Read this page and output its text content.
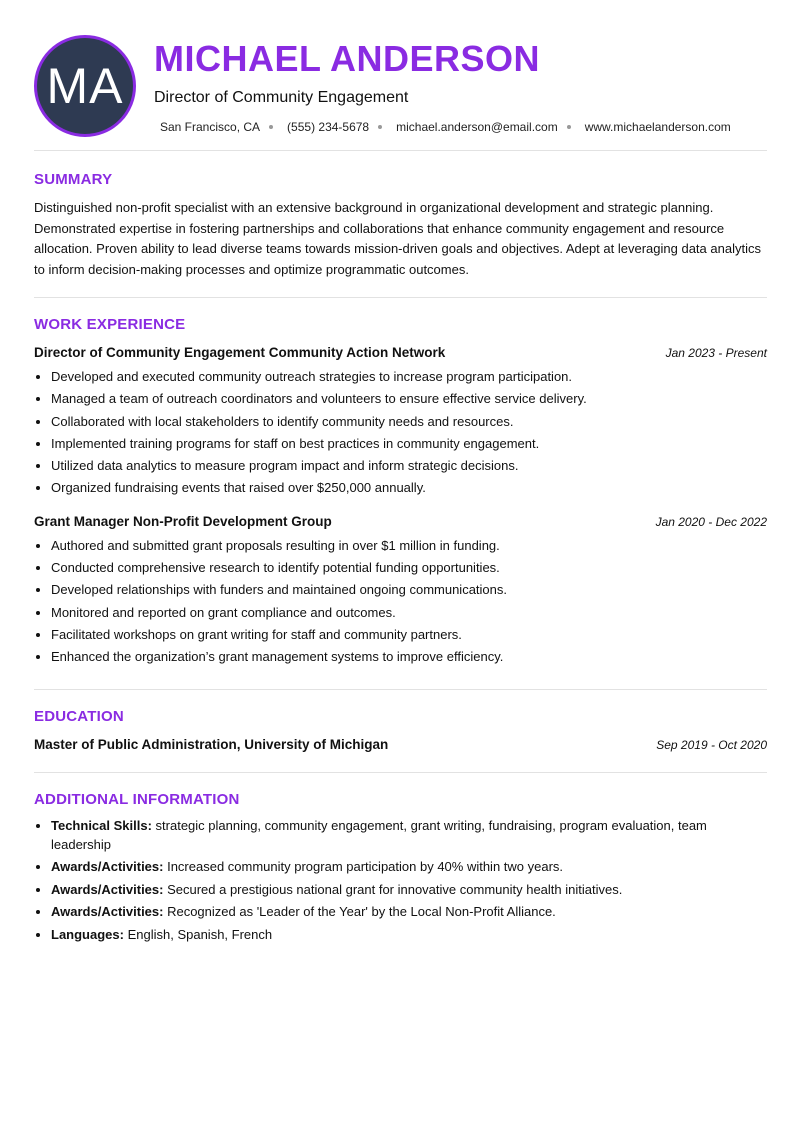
MA MICHAEL ANDERSON
Director of Community Engagement
San Francisco, CA (555) 234-5678 michael.anderson@email.com www.michaelanderson.com
SUMMARY

Distinguished non-profit specialist with an extensive background in organizational development and strategic planning. Demonstrated expertise in fostering partnerships and collaborations that enhance community engagement and resource allocation. Proven ability to lead diverse teams towards mission-driven goals and objectives. Adept at leveraging data analytics to inform decision-making processes and optimize programmatic outcomes.

WORK EXPERIENCE
Director of Community Engagement Community Action Network	Jan 2023 - Present
• Developed and executed community outreach strategies to increase program participation.
• Managed a team of outreach coordinators and volunteers to ensure effective service delivery.
• Collaborated with local stakeholders to identify community needs and resources.
• Implemented training programs for staff on best practices in community engagement.
• Utilized data analytics to measure program impact and inform strategic decisions.
• Organized fundraising events that raised over $250,000 annually.
Grant Manager Non-Profit Development Group	Jan 2020 - Dec 2022
• Authored and submitted grant proposals resulting in over $1 million in funding.
• Conducted comprehensive research to identify potential funding opportunities.
• Developed relationships with funders and maintained ongoing communications.
• Monitored and reported on grant compliance and outcomes.
• Facilitated workshops on grant writing for staff and community partners.
• Enhanced the organization’s grant management systems to improve efficiency.
EDUCATION
Master of Public Administration, University of Michigan	Sep 2019 - Oct 2020
ADDITIONAL INFORMATION
• Technical Skills: strategic planning, community engagement, grant writing, fundraising, program evaluation, team leadership
• Awards/Activities: Increased community program participation by 40% within two years.
• Awards/Activities: Secured a prestigious national grant for innovative community health initiatives.
• Awards/Activities: Recognized as 'Leader of the Year' by the Local Non-Profit Alliance.
• Languages: English, Spanish, French
